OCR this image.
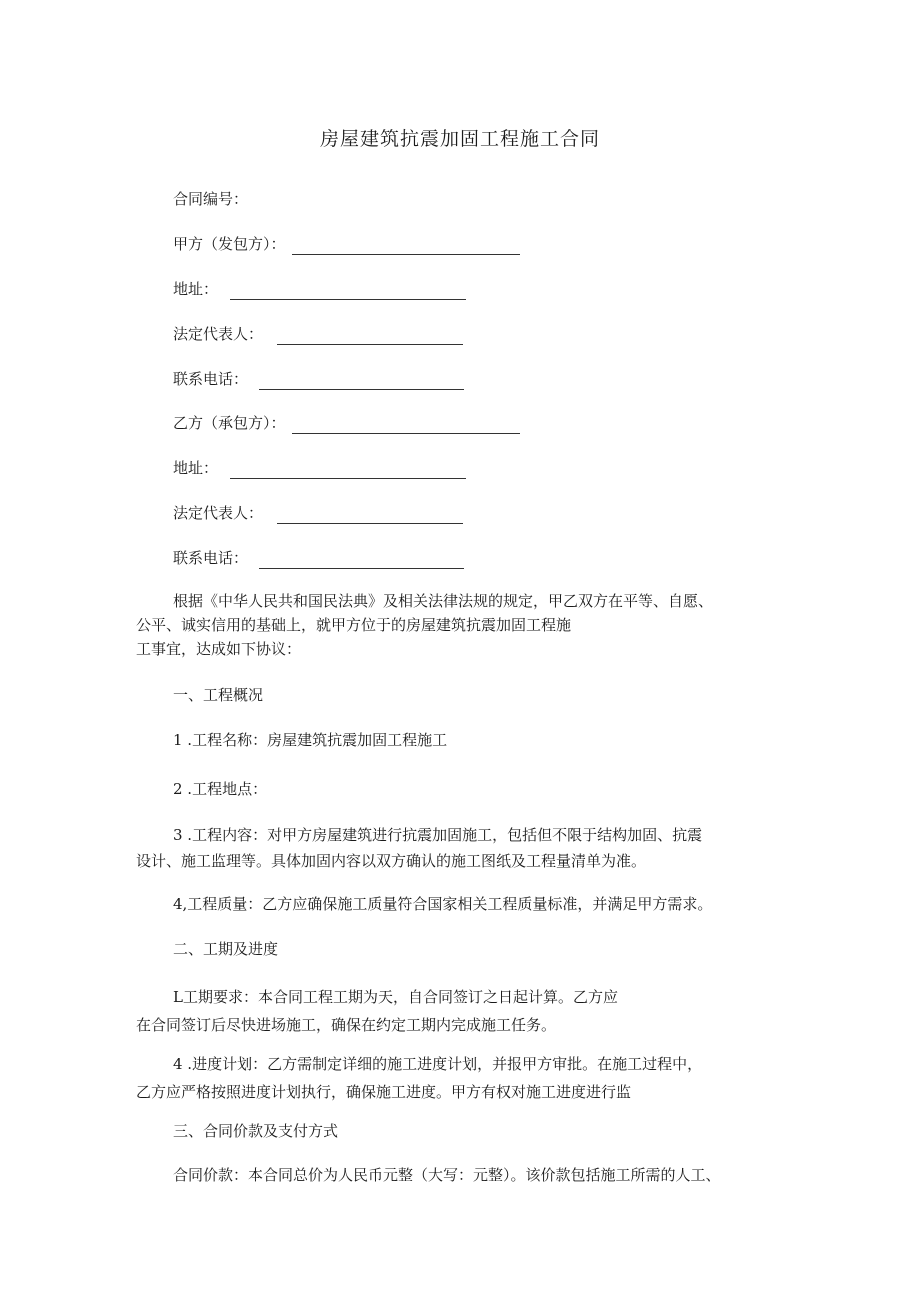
房屋建筑抗震加固工程施工合同
合同编号：
甲方（发包方）：
地址：
法定代表人：
联系电话：
乙方（承包方）：
地址：
法定代表人：
联系电话：
根据《中华人民共和国民法典》及相关法律法规的规定，甲乙双方在平等、自愿、
公平、诚实信用的基础上，就甲方位于的房屋建筑抗震加固工程施
工事宜，达成如下协议：
一、工程概况
1 .工程名称：房屋建筑抗震加固工程施工
2 .工程地点：
3 .工程内容：对甲方房屋建筑进行抗震加固施工，包括但不限于结构加固、抗震
设计、施工监理等。具体加固内容以双方确认的施工图纸及工程量清单为准。
4,工程质量：乙方应确保施工质量符合国家相关工程质量标准，并满足甲方需求。
二、工期及进度
L工期要求：本合同工程工期为天，自合同签订之日起计算。乙方应
在合同签订后尽快进场施工，确保在约定工期内完成施工任务。
4 .进度计划：乙方需制定详细的施工进度计划，并报甲方审批。在施工过程中，
乙方应严格按照进度计划执行，确保施工进度。甲方有权对施工进度进行监
三、合同价款及支付方式
合同价款：本合同总价为人民币元整（大写：元整）。该价款包括施工所需的人工、
